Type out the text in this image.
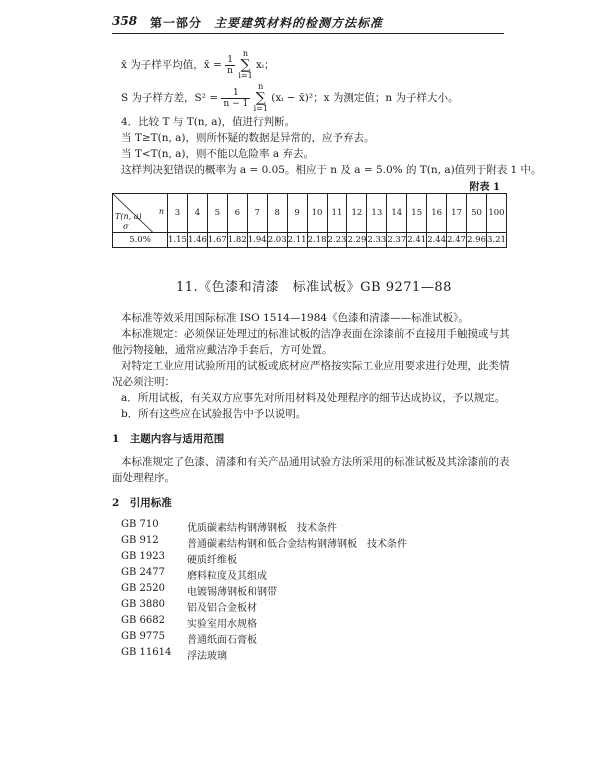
358 第一部分 主要建筑材料的检测方法标准
x̄ 为子样平均值，x̄ = $\frac{1}{n}$
n
∑
i=1 xᵢ；
S 为子样方差，$S^2 = \frac{1}{n - 1}$
n
∑
i=1 (xᵢ − x̄)²；x 为测定值；n 为子样大小。
4．比较 T 与 T(n, a)，值进行判断。
当 T≥T(n, a)，则所怀疑的数据是异常的，应予弃去。
当 T<T(n, a)，则不能以危险率 a 弃去。
这样判决犯错误的概率为 a = 0.05。相应于 n 及 a = 5.0% 的 T(n, a)值列于附表 1 中。
附表 1
T(n, a)
n
σ	3	4	5	6	7	8	9	10	11	12	13	14	15	16	17	50	100

5.0%	1.15	1.46	1.67	1.82	1.94	2.03	2.11	2.18	2.23	2.29	2.33	2.37	2.41	2.44	2.47	2.96	3.21
11.《色漆和清漆　标准试板》GB 9271—88
本标准等效采用国际标准 ISO 1514—1984《色漆和清漆——标准试板》。
本标准规定：必须保证处理过的标准试板的洁净表面在涂漆前不直接用手触摸或与其
他污物接触，通常应戴洁净手套后，方可处置。
对特定工业应用试验所用的试板或底材应严格按实际工业应用要求进行处理，此类情
况必须注明：
a．所用试板，有关双方应事先对所用材料及处理程序的细节达成协议，予以规定。
b．所有这些应在试验报告中予以说明。
1　主题内容与适用范围
本标准规定了色漆、清漆和有关产品通用试验方法所采用的标准试板及其涂漆前的表
面处理程序。
2　引用标准
GB 710	优质碳素结构钢薄钢板　技术条件
GB 912	普通碳素结构钢和低合金结构钢薄钢板　技术条件
GB 1923 硬质纤维板
GB 2477 磨料粒度及其组成
GB 2520 电镀锡薄钢板和钢带
GB 3880 铝及铝合金板材
GB 6682 实验室用水规格
GB 9775 普通纸面石膏板
GB 11614 浮法玻璃
